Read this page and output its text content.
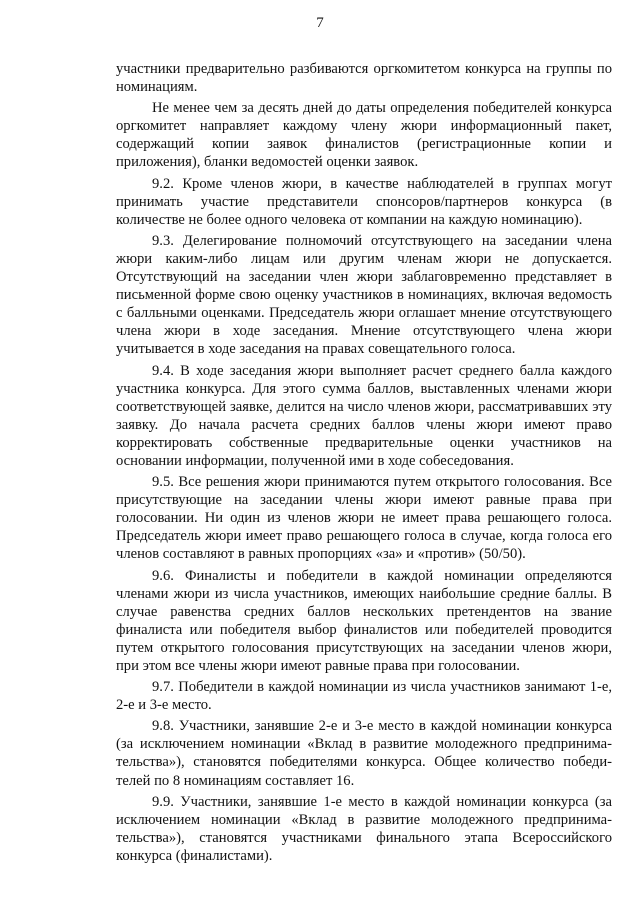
7

участники предварительно разбиваются оргкомитетом конкурса на группы по номинациям.

Не менее чем за десять дней до даты определения победителей конкурса оргкомитет направляет каждому члену жюри информационный пакет, содержащий копии заявок финалистов (регистрационные копии и приложения), бланки ведомостей оценки заявок.

9.2. Кроме членов жюри, в качестве наблюдателей в группах могут принимать участие представители спонсоров/партнеров конкурса (в количестве не более одного человека от компании на каждую номинацию).

9.3. Делегирование полномочий отсутствующего на заседании члена жюри каким-либо лицам или другим членам жюри не допускается. Отсутствующий на заседании член жюри заблаговременно представляет в письменной форме свою оценку участников в номинациях, включая ведомость с балльными оценками. Председатель жюри оглашает мнение отсутствующего члена жюри в ходе заседания. Мнение отсутствующего члена жюри учитывается в ходе заседания на правах совещательного голоса.

9.4. В ходе заседания жюри выполняет расчет среднего балла каждого участника конкурса. Для этого сумма баллов, выставленных членами жюри соответствующей заявке, делится на число членов жюри, рассматривавших эту заявку. До начала расчета средних баллов члены жюри имеют право корректировать собственные предварительные оценки участников на основании информации, полученной ими в ходе собеседования.

9.5. Все решения жюри принимаются путем открытого голосования. Все присутствующие на заседании члены жюри имеют равные права при голосовании. Ни один из членов жюри не имеет права решающего голоса. Председатель жюри имеет право решающего голоса в случае, когда голоса его членов составляют в равных пропорциях «за» и «против» (50/50).

9.6. Финалисты и победители в каждой номинации определяются членами жюри из числа участников, имеющих наибольшие средние баллы. В случае равенства средних баллов нескольких претендентов на звание финалиста или победителя выбор финалистов или победителей проводится путем открытого голосования присутствующих на заседании членов жюри, при этом все члены жюри имеют равные права при голосовании.

9.7. Победители в каждой номинации из числа участников занимают 1-е, 2-е и 3-е место.

9.8. Участники, занявшие 2-е и 3-е место в каждой номинации конкурса (за исключением номинации «Вклад в развитие молодежного предпринима-тельства»), становятся победителями конкурса. Общее количество победи-телей по 8 номинациям составляет 16.

9.9. Участники, занявшие 1-е место в каждой номинации конкурса (за исключением номинации «Вклад в развитие молодежного предпринима-тельства»), становятся участниками финального этапа Всероссийского конкурса (финалистами).
